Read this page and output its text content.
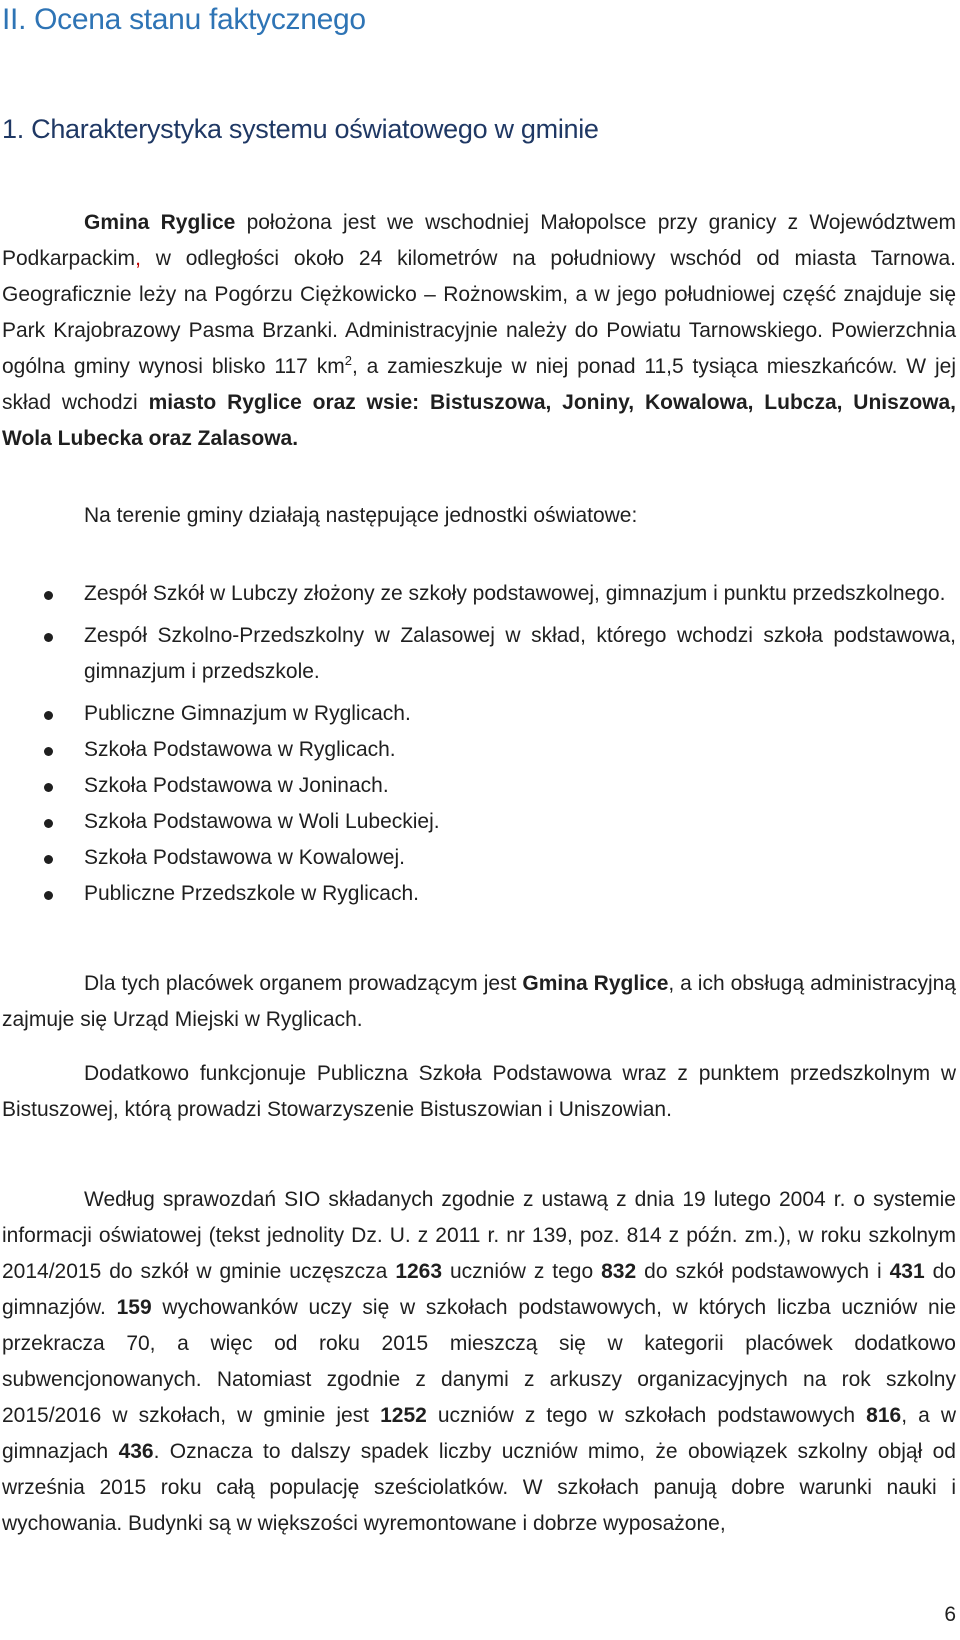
II. Ocena stanu faktycznego
1. Charakterystyka systemu oświatowego w gminie

Gmina Ryglice położona jest we wschodniej Małopolsce przy granicy z Województwem Podkarpackim, w odległości około 24 kilometrów na południowy wschód od miasta Tarnowa. Geograficznie leży na Pogórzu Ciężkowicko – Rożnowskim, a w jego południowej część znajduje się Park Krajobrazowy Pasma Brzanki. Administracyjnie należy do Powiatu Tarnowskiego. Powierzchnia ogólna gminy wynosi blisko 117 $km^2$, a zamieszkuje w niej ponad 11,5 tysiąca mieszkańców. W jej skład wchodzi miasto Ryglice oraz wsie: Bistuszowa, Joniny, Kowalowa, Lubcza, Uniszowa, Wola Lubecka oraz Zalasowa.

Na terenie gminy działają następujące jednostki oświatowe:

Zespół Szkół w Lubczy złożony ze szkoły podstawowej, gimnazjum i punktu przedszkolnego.
Zespół Szkolno-Przedszkolny w Zalasowej w skład, którego wchodzi szkoła podstawowa, gimnazjum i przedszkole.
Publiczne Gimnazjum w Ryglicach.
Szkoła Podstawowa w Ryglicach.
Szkoła Podstawowa w Joninach.
Szkoła Podstawowa w Woli Lubeckiej.
Szkoła Podstawowa w Kowalowej.
Publiczne Przedszkole w Ryglicach.

Dla tych placówek organem prowadzącym jest Gmina Ryglice, a ich obsługą administracyjną zajmuje się Urząd Miejski w Ryglicach.

Dodatkowo funkcjonuje Publiczna Szkoła Podstawowa wraz z punktem przedszkolnym w Bistuszowej, którą prowadzi Stowarzyszenie Bistuszowian i Uniszowian.

Według sprawozdań SIO składanych zgodnie z ustawą z dnia 19 lutego 2004 r. o systemie informacji oświatowej (tekst jednolity Dz. U. z 2011 r. nr 139, poz. 814 z późn. zm.), w roku szkolnym 2014/2015 do szkół w gminie uczęszcza 1263 uczniów z tego 832 do szkół podstawowych i 431 do gimnazjów. 159 wychowanków uczy się w szkołach podstawowych, w których liczba uczniów nie przekracza 70, a więc od roku 2015 mieszczą się w kategorii placówek dodatkowo subwencjonowanych. Natomiast zgodnie z danymi z arkuszy organizacyjnych na rok szkolny 2015/2016 w szkołach, w gminie jest 1252 uczniów z tego w szkołach podstawowych 816, a w gimnazjach 436. Oznacza to dalszy spadek liczby uczniów mimo, że obowiązek szkolny objął od września 2015 roku całą populację sześciolatków. W szkołach panują dobre warunki nauki i wychowania. Budynki są w większości wyremontowane i dobrze wyposażone,

6
